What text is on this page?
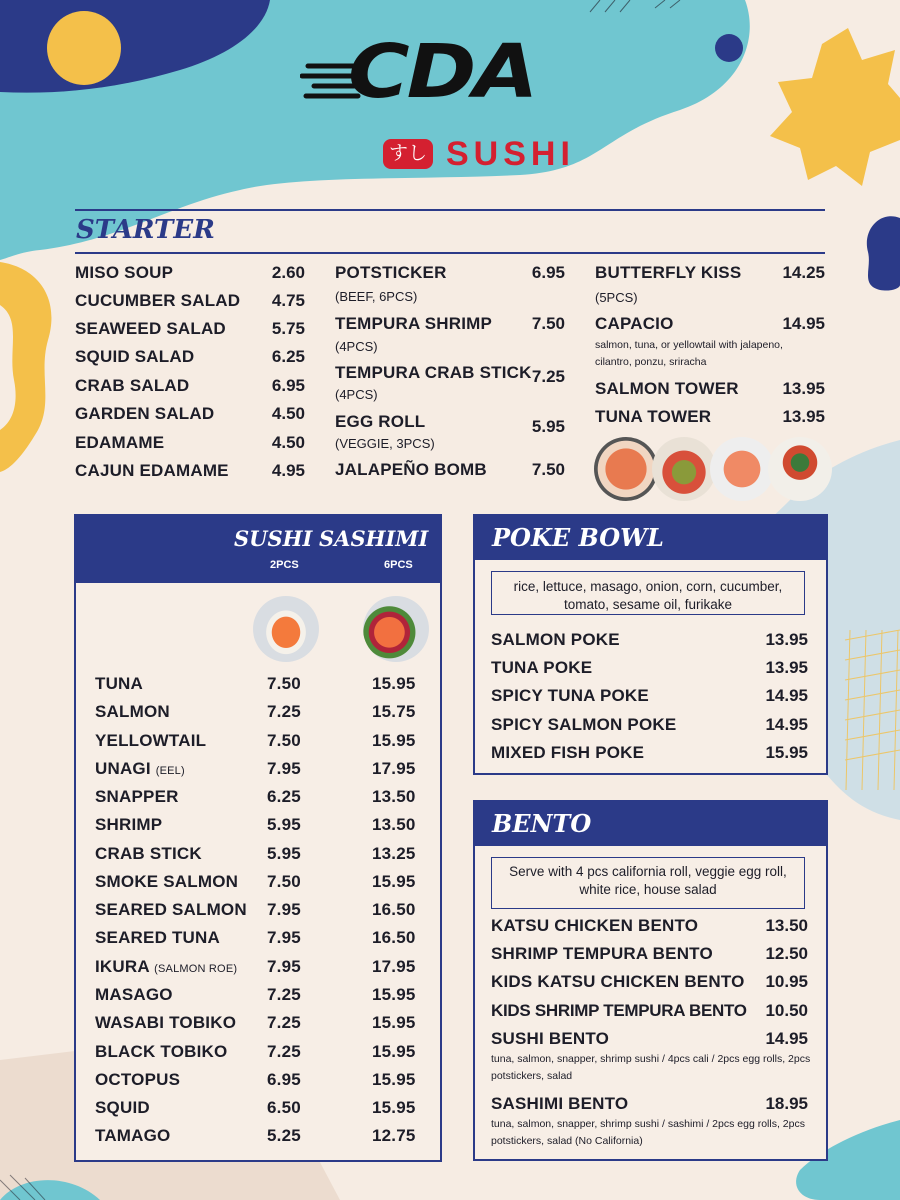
CDA
すし SUSHI
STARTER
MISO SOUP	2.60
CUCUMBER SALAD 4.75
SEAWEED SALAD	5.75
SQUID SALAD	6.25
CRAB SALAD	6.95
GARDEN SALAD	4.50
EDAMAME	4.50
CAJUN EDAMAME	4.95
POTSTICKER	6.95
(BEEF, 6PCS)
TEMPURA SHRIMP 7.50
(4PCS)
TEMPURA CRAB STICK 7.25
(4PCS)
EGG ROLL	5.95
(VEGGIE, 3PCS)
JALAPEÑO BOMB	7.50
BUTTERFLY KISS 14.25
(5PCS)
CAPACIO	14.95
salmon, tuna, or yellowtail with jalapeno, cilantro, ponzu, sriracha
SALMON TOWER	13.95
TUNA TOWER	13.95
SUSHI SASHIMI
2PCS	6PCS
TUNA	7.50	15.95
SALMON	7.25	15.75
YELLOWTAIL	7.50	15.95
UNAGI (EEL)	7.95	17.95
SNAPPER	6.25	13.50
SHRIMP	5.95	13.50
CRAB STICK	5.95	13.25
SMOKE SALMON 7.50	15.95
SEARED SALMON 7.95	16.50
SEARED TUNA	7.95	16.50
IKURA (SALMON ROE) 7.95	17.95
MASAGO	7.25	15.95
WASABI TOBIKO 7.25	15.95
BLACK TOBIKO 7.25	15.95
OCTOPUS	6.95	15.95
SQUID	6.50	15.95
TAMAGO	5.25	12.75
POKE BOWL
rice, lettuce, masago, onion, corn, cucumber, tomato, sesame oil, furikake
SALMON POKE	13.95
TUNA POKE	13.95
SPICY TUNA POKE	14.95
SPICY SALMON POKE	14.95
MIXED FISH POKE	15.95
BENTO
Serve with 4 pcs california roll, veggie egg roll, white rice, house salad
KATSU CHICKEN BENTO	13.50
SHRIMP TEMPURA BENTO	12.50
KIDS KATSU CHICKEN BENTO 10.95
KIDS SHRIMP TEMPURA BENTO 10.50
SUSHI BENTO	14.95
tuna, salmon, snapper, shrimp sushi / 4pcs cali / 2pcs egg rolls, 2pcs potstickers, salad
SASHIMI BENTO	18.95
tuna, salmon, snapper, shrimp sushi / sashimi / 2pcs egg rolls, 2pcs potstickers, salad (No California)
